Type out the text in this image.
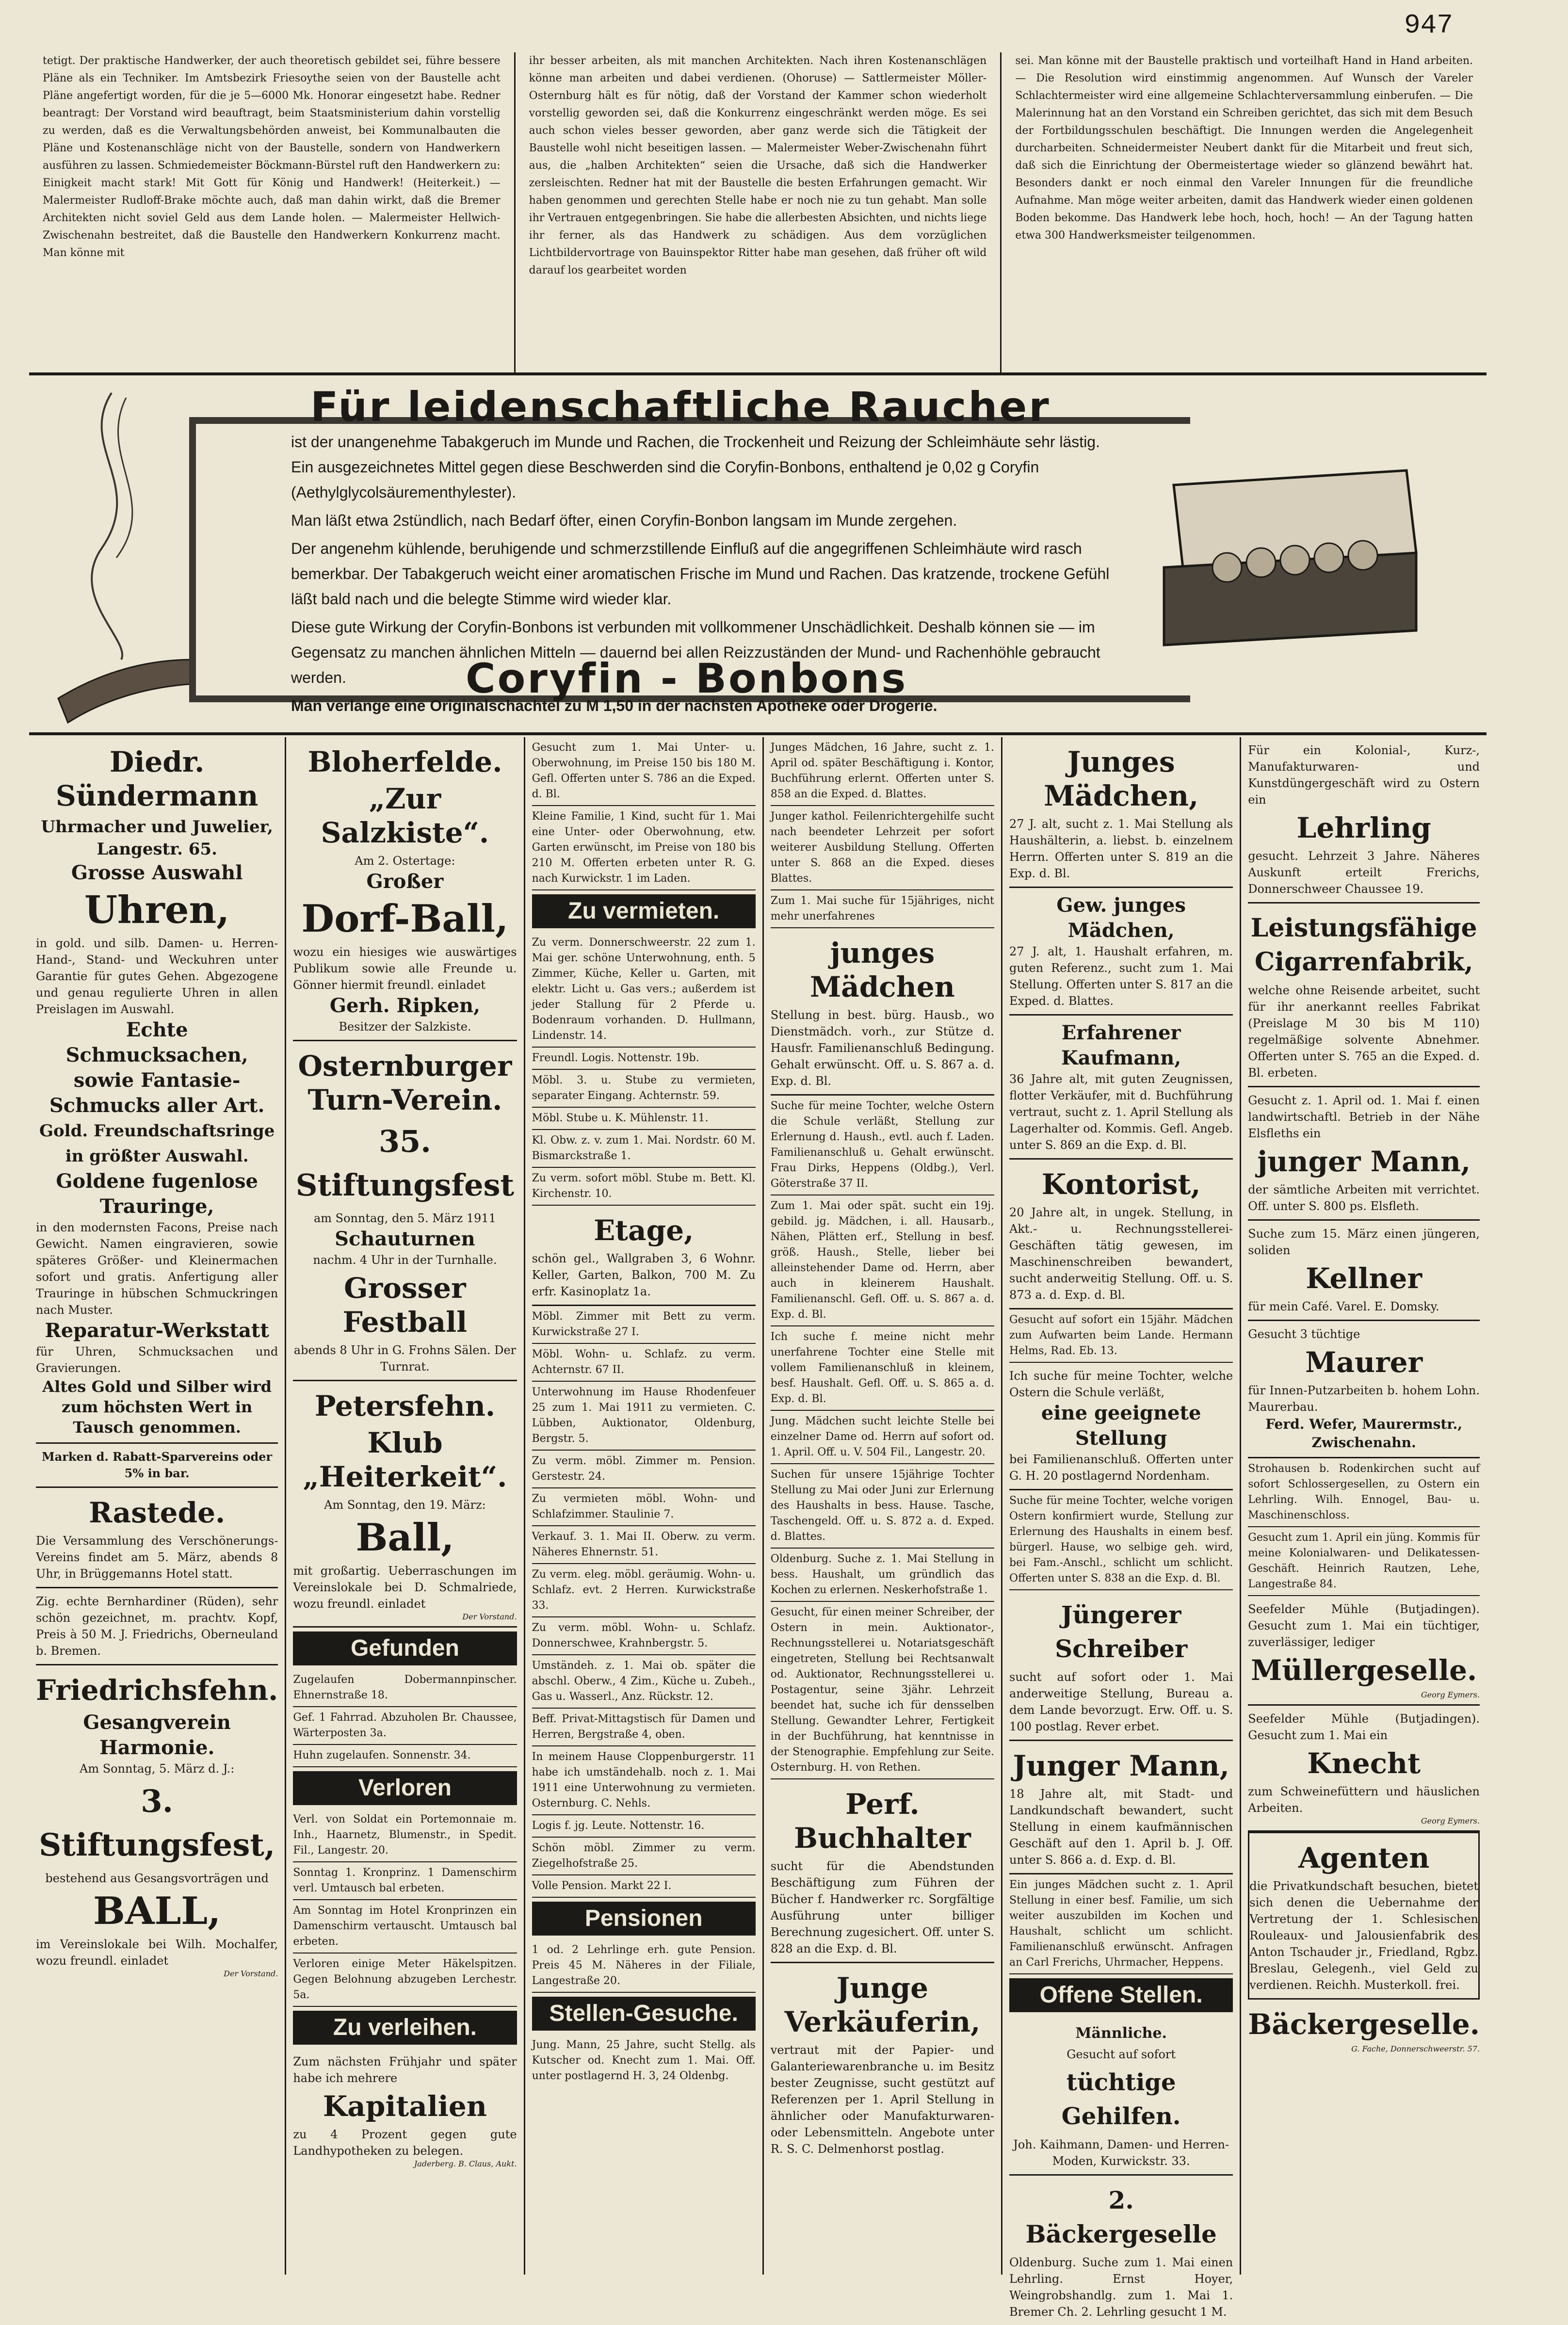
947
tetigt. Der praktische Handwerker, der auch theoretisch gebildet sei, führe bessere Pläne als ein Techniker. Im Amtsbezirk Friesoythe seien von der Baustelle acht Pläne angefertigt worden, für die je 5—6000 Mk. Honorar eingesetzt habe. Redner beantragt: Der Vorstand wird beauftragt, beim Staatsministerium dahin vorstellig zu werden, daß es die Verwaltungsbehörden anweist, bei Kommunalbauten die Pläne und Kostenanschläge nicht von der Baustelle, sondern von Handwerkern ausführen zu lassen. Schmiedemeister Böckmann-Bürstel ruft den Handwerkern zu: Einigkeit macht stark! Mit Gott für König und Handwerk! (Heiterkeit.) — Malermeister Rudloff-Brake möchte auch, daß man dahin wirkt, daß die Bremer Architekten nicht soviel Geld aus dem Lande holen. — Malermeister Hellwich-Zwischenahn bestreitet, daß die Baustelle den Handwerkern Konkurrenz macht. Man könne mit
ihr besser arbeiten, als mit manchen Architekten. Nach ihren Kostenanschlägen könne man arbeiten und dabei verdienen. (Ohoruse) — Sattlermeister Möller-Osternburg hält es für nötig, daß der Vorstand der Kammer schon wiederholt vorstellig geworden sei, daß die Konkurrenz eingeschränkt werden möge. Es sei auch schon vieles besser geworden, aber ganz werde sich die Tätigkeit der Baustelle wohl nicht beseitigen lassen. — Malermeister Weber-Zwischenahn führt aus, die „halben Architekten“ seien die Ursache, daß sich die Handwerker zersleischten. Redner hat mit der Baustelle die besten Erfahrungen gemacht. Wir haben genommen und gerechten Stelle habe er noch nie zu tun gehabt. Man solle ihr Vertrauen entgegenbringen. Sie habe die allerbesten Absichten, und nichts liege ihr ferner, als das Handwerk zu schädigen. Aus dem vorzüglichen Lichtbildervortrage von Bauinspektor Ritter habe man gesehen, daß früher oft wild darauf los gearbeitet worden
sei. Man könne mit der Baustelle praktisch und vorteilhaft Hand in Hand arbeiten. — Die Resolution wird einstimmig angenommen. Auf Wunsch der Vareler Schlachtermeister wird eine allgemeine Schlachterversammlung einberufen. — Die Malerinnung hat an den Vorstand ein Schreiben gerichtet, das sich mit dem Besuch der Fortbildungsschulen beschäftigt. Die Innungen werden die Angelegenheit durcharbeiten. Schneidermeister Neubert dankt für die Mitarbeit und freut sich, daß sich die Einrichtung der Obermeistertage wieder so glänzend bewährt hat. Besonders dankt er noch einmal den Vareler Innungen für die freundliche Aufnahme. Man möge weiter arbeiten, damit das Handwerk wieder einen goldenen Boden bekomme. Das Handwerk lebe hoch, hoch, hoch! — An der Tagung hatten etwa 300 Handwerksmeister teilgenommen.
Für leidenschaftliche Raucher

ist der unangenehme Tabakgeruch im Munde und Rachen, die Trockenheit und Reizung der Schleimhäute sehr lästig. Ein ausgezeichnetes Mittel gegen diese Beschwerden sind die Coryfin-Bonbons, enthaltend je 0,02 g Coryfin (Aethylglycolsäurementhylester).

Man läßt etwa 2stündlich, nach Bedarf öfter, einen Coryfin-Bonbon langsam im Munde zergehen.

Der angenehm kühlende, beruhigende und schmerzstillende Einfluß auf die angegriffenen Schleimhäute wird rasch bemerkbar. Der Tabakgeruch weicht einer aromatischen Frische im Mund und Rachen. Das kratzende, trockene Gefühl läßt bald nach und die belegte Stimme wird wieder klar.

Diese gute Wirkung der Coryfin-Bonbons ist verbunden mit vollkommener Unschädlichkeit. Deshalb können sie — im Gegensatz zu manchen ähnlichen Mitteln — dauernd bei allen Reizzuständen der Mund- und Rachenhöhle gebraucht werden.

Man verlange eine Originalschachtel zu M 1,50 in der nächsten Apotheke oder Drogerie.

Coryfin - Bonbons
Diedr. Sündermann
Uhrmacher und Juwelier, Langestr. 65.
Grosse Auswahl
Uhren,
in gold. und silb. Damen- u. Herren- Hand-, Stand- und Weckuhren unter Garantie für gutes Gehen. Abgezogene und genau regulierte Uhren in allen Preislagen im Auswahl.
Echte Schmucksachen, sowie Fantasie-Schmucks aller Art.
Gold. Freundschaftsringe in größter Auswahl.
Goldene fugenlose Trauringe,
in den modernsten Facons, Preise nach Gewicht. Namen eingravieren, sowie späteres Größer- und Kleinermachen sofort und gratis. Anfertigung aller Trauringe in hübschen Schmuckringen nach Muster.
Reparatur-Werkstatt
für Uhren, Schmucksachen und Gravierungen.
Altes Gold und Silber wird zum höchsten Wert in Tausch genommen.
Marken d. Rabatt-Sparvereins oder 5% in bar.
Rastede.
Die Versammlung des Verschönerungs-Vereins findet am 5. März, abends 8 Uhr, in Brüggemanns Hotel statt.
Zig. echte Bernhardiner (Rüden), sehr schön gezeichnet, m. prachtv. Kopf, Preis à 50 M. J. Friedrichs, Oberneuland b. Bremen.
Friedrichsfehn.
Gesangverein Harmonie.
Am Sonntag, 5. März d. J.:
3. Stiftungsfest,
bestehend aus Gesangsvorträgen und
BALL,
im Vereinslokale bei Wilh. Mochalfer, wozu freundl. einladet
Der Vorstand.
Bloherfelde.
„Zur Salzkiste“.
Am 2. Ostertage:
Großer
Dorf-Ball,
wozu ein hiesiges wie auswärtiges Publikum sowie alle Freunde u. Gönner hiermit freundl. einladet
Gerh. Ripken,
Besitzer der Salzkiste.
Osternburger Turn-Verein.
35. Stiftungsfest
am Sonntag, den 5. März 1911
Schauturnen
nachm. 4 Uhr in der Turnhalle.
Grosser Festball
abends 8 Uhr in G. Frohns Sälen. Der Turnrat.
Petersfehn.
Klub „Heiterkeit“.
Am Sonntag, den 19. März:
Ball,
mit großartig. Ueberraschungen im Vereinslokale bei D. Schmalriede, wozu freundl. einladet
Der Vorstand.
Gefunden
Zugelaufen Dobermannpinscher. Ehnernstraße 18.
Gef. 1 Fahrrad. Abzuholen Br. Chaussee, Wärterposten 3a.
Huhn zugelaufen. Sonnenstr. 34.
Verloren
Verl. von Soldat ein Portemonnaie m. Inh., Haarnetz, Blumenstr., in Spedit. Fil., Langestr. 20.
Sonntag 1. Kronprinz. 1 Damenschirm verl. Umtausch bal erbeten.
Am Sonntag im Hotel Kronprinzen ein Damenschirm vertauscht. Umtausch bal erbeten.
Verloren einige Meter Häkelspitzen. Gegen Belohnung abzugeben Lerchestr. 5a.
Zu verleihen.
Zum nächsten Frühjahr und später habe ich mehrere
Kapitalien
zu 4 Prozent gegen gute Landhypotheken zu belegen.
Jaderberg. B. Claus, Aukt.
Gesucht zum 1. Mai Unter- u. Oberwohnung, im Preise 150 bis 180 M. Gefl. Offerten unter S. 786 an die Exped. d. Bl.
Kleine Familie, 1 Kind, sucht für 1. Mai eine Unter- oder Oberwohnung, etw. Garten erwünscht, im Preise von 180 bis 210 M. Offerten erbeten unter R. G. nach Kurwickstr. 1 im Laden.
Zu vermieten.
Zu verm. Donnerschweerstr. 22 zum 1. Mai ger. schöne Unterwohnung, enth. 5 Zimmer, Küche, Keller u. Garten, mit elektr. Licht u. Gas vers.; außerdem ist jeder Stallung für 2 Pferde u. Bodenraum vorhanden. D. Hullmann, Lindenstr. 14.
Freundl. Logis. Nottenstr. 19b.
Möbl. 3. u. Stube zu vermieten, separater Eingang. Achternstr. 59.
Möbl. Stube u. K. Mühlenstr. 11.
Kl. Obw. z. v. zum 1. Mai. Nordstr. 60 M. Bismarckstraße 1.
Zu verm. sofort möbl. Stube m. Bett. Kl. Kirchenstr. 10.
Etage,
schön gel., Wallgraben 3, 6 Wohnr. Keller, Garten, Balkon, 700 M. Zu erfr. Kasinoplatz 1a.
Möbl. Zimmer mit Bett zu verm. Kurwickstraße 27 I.
Möbl. Wohn- u. Schlafz. zu verm. Achternstr. 67 II.
Unterwohnung im Hause Rhodenfeuer 25 zum 1. Mai 1911 zu vermieten. C. Lübben, Auktionator, Oldenburg, Bergstr. 5.
Zu verm. möbl. Zimmer m. Pension. Gerstestr. 24.
Zu vermieten möbl. Wohn- und Schlafzimmer. Staulinie 7.
Verkauf. 3. 1. Mai II. Oberw. zu verm. Näheres Ehnernstr. 51.
Zu verm. eleg. möbl. geräumig. Wohn- u. Schlafz. evt. 2 Herren. Kurwickstraße 33.
Zu verm. möbl. Wohn- u. Schlafz. Donnerschwee, Krahnbergstr. 5.
Umständeh. z. 1. Mai ob. später die abschl. Oberw., 4 Zim., Küche u. Zubeh., Gas u. Wasserl., Anz. Rückstr. 12.
Beff. Privat-Mittagstisch für Damen und Herren, Bergstraße 4, oben.
In meinem Hause Cloppenburgerstr. 11 habe ich umständehalb. noch z. 1. Mai 1911 eine Unterwohnung zu vermieten. Osternburg. C. Nehls.
Logis f. jg. Leute. Nottenstr. 16.
Schön möbl. Zimmer zu verm. Ziegelhofstraße 25.
Volle Pension. Markt 22 I.
Pensionen
1 od. 2 Lehrlinge erh. gute Pension. Preis 45 M. Näheres in der Filiale, Langestraße 20.
Stellen-Gesuche.
Jung. Mann, 25 Jahre, sucht Stellg. als Kutscher od. Knecht zum 1. Mai. Off. unter postlagernd H. 3, 24 Oldenbg.
Junges Mädchen, 16 Jahre, sucht z. 1. April od. später Beschäftigung i. Kontor, Buchführung erlernt. Offerten unter S. 858 an die Exped. d. Blattes.
Junger kathol. Feilenrichtergehilfe sucht nach beendeter Lehrzeit per sofort weiterer Ausbildung Stellung. Offerten unter S. 868 an die Exped. dieses Blattes.
Zum 1. Mai suche für 15jähriges, nicht mehr unerfahrenes
junges Mädchen
Stellung in best. bürg. Hausb., wo Dienstmädch. vorh., zur Stütze d. Hausfr. Familienanschluß Bedingung. Gehalt erwünscht. Off. u. S. 867 a. d. Exp. d. Bl.
Suche für meine Tochter, welche Ostern die Schule verläßt, Stellung zur Erlernung d. Haush., evtl. auch f. Laden. Familienanschluß u. Gehalt erwünscht. Frau Dirks, Heppens (Oldbg.), Verl. Göterstraße 37 II.
Zum 1. Mai oder spät. sucht ein 19j. gebild. jg. Mädchen, i. all. Hausarb., Nähen, Plätten erf., Stellung in besf. größ. Haush., Stelle, lieber bei alleinstehender Dame od. Herrn, aber auch in kleinerem Haushalt. Familienanschl. Gefl. Off. u. S. 867 a. d. Exp. d. Bl.
Ich suche f. meine nicht mehr unerfahrene Tochter eine Stelle mit vollem Familienanschluß in kleinem, besf. Haushalt. Gefl. Off. u. S. 865 a. d. Exp. d. Bl.
Jung. Mädchen sucht leichte Stelle bei einzelner Dame od. Herrn auf sofort od. 1. April. Off. u. V. 504 Fil., Langestr. 20.
Suchen für unsere 15jährige Tochter Stellung zu Mai oder Juni zur Erlernung des Haushalts in bess. Hause. Tasche, Taschengeld. Off. u. S. 872 a. d. Exped. d. Blattes.
Oldenburg. Suche z. 1. Mai Stellung in bess. Haushalt, um gründlich das Kochen zu erlernen. Neskerhofstraße 1.
Gesucht, für einen meiner Schreiber, der Ostern in mein. Auktionator-, Rechnungsstellerei u. Notariatsgeschäft eingetreten, Stellung bei Rechtsanwalt od. Auktionator, Rechnungsstellerei u. Postagentur, seine 3jähr. Lehrzeit beendet hat, suche ich für densselben Stellung. Gewandter Lehrer, Fertigkeit in der Buchführung, hat kenntnisse in der Stenographie. Empfehlung zur Seite. Osternburg. H. von Rethen.
Perf. Buchhalter
sucht für die Abendstunden Beschäftigung zum Führen der Bücher f. Handwerker rc. Sorgfältige Ausführung unter billiger Berechnung zugesichert. Off. unter S. 828 an die Exp. d. Bl.
Junge Verkäuferin,
vertraut mit der Papier- und Galanteriewarenbranche u. im Besitz bester Zeugnisse, sucht gestützt auf Referenzen per 1. April Stellung in ähnlicher oder Manufakturwaren- oder Lebensmitteln. Angebote unter R. S. C. Delmenhorst postlag.
Junges Mädchen,
27 J. alt, sucht z. 1. Mai Stellung als Haushälterin, a. liebst. b. einzelnem Herrn. Offerten unter S. 819 an die Exp. d. Bl.
Gew. junges Mädchen,
27 J. alt, 1. Haushalt erfahren, m. guten Referenz., sucht zum 1. Mai Stellung. Offerten unter S. 817 an die Exped. d. Blattes.
Erfahrener Kaufmann,
36 Jahre alt, mit guten Zeugnissen, flotter Verkäufer, mit d. Buchführung vertraut, sucht z. 1. April Stellung als Lagerhalter od. Kommis. Gefl. Angeb. unter S. 869 an die Exp. d. Bl.
Kontorist,
20 Jahre alt, in ungek. Stellung, in Akt.- u. Rechnungsstellerei-Geschäften tätig gewesen, im Maschinenschreiben bewandert, sucht anderweitig Stellung. Off. u. S. 873 a. d. Exp. d. Bl.
Gesucht auf sofort ein 15jähr. Mädchen zum Aufwarten beim Lande. Hermann Helms, Rad. Eb. 13.
Ich suche für meine Tochter, welche Ostern die Schule verläßt,
eine geeignete Stellung
bei Familienanschluß. Offerten unter G. H. 20 postlagernd Nordenham.
Suche für meine Tochter, welche vorigen Ostern konfirmiert wurde, Stellung zur Erlernung des Haushalts in einem besf. bürgerl. Hause, wo selbige geh. wird, bei Fam.-Anschl., schlicht um schlicht. Offerten unter S. 838 an die Exp. d. Bl.
Jüngerer Schreiber
sucht auf sofort oder 1. Mai anderweitige Stellung, Bureau a. dem Lande bevorzugt. Erw. Off. u. S. 100 postlag. Rever erbet.
Junger Mann,
18 Jahre alt, mit Stadt- und Landkundschaft bewandert, sucht Stellung in einem kaufmännischen Geschäft auf den 1. April b. J. Off. unter S. 866 a. d. Exp. d. Bl.
Ein junges Mädchen sucht z. 1. April Stellung in einer besf. Familie, um sich weiter auszubilden im Kochen und Haushalt, schlicht um schlicht. Familienanschluß erwünscht. Anfragen an Carl Frerichs, Uhrmacher, Heppens.
Offene Stellen.
Männliche.
Gesucht auf sofort
tüchtige Gehilfen.
Joh. Kaihmann, Damen- und Herren-Moden, Kurwickstr. 33.
2. Bäckergeselle
Oldenburg. Suche zum 1. Mai einen Lehrling. Ernst Hoyer, Weingrobshandlg. zum 1. Mai 1. Bremer Ch. 2. Lehrling gesucht 1 M.
Für ein Kolonial-, Kurz-, Manufakturwaren- und Kunstdüngergeschäft wird zu Ostern ein
Lehrling
gesucht. Lehrzeit 3 Jahre. Näheres Auskunft erteilt Frerichs, Donnerschweer Chaussee 19.
Leistungsfähige Cigarrenfabrik,
welche ohne Reisende arbeitet, sucht für ihr anerkannt reelles Fabrikat (Preislage M 30 bis M 110) regelmäßige solvente Abnehmer. Offerten unter S. 765 an die Exped. d. Bl. erbeten.
Gesucht z. 1. April od. 1. Mai f. einen landwirtschaftl. Betrieb in der Nähe Elsfleths ein
junger Mann,
der sämtliche Arbeiten mit verrichtet. Off. unter S. 800 ps. Elsfleth.
Suche zum 15. März einen jüngeren, soliden
Kellner
für mein Café. Varel. E. Domsky.
Gesucht 3 tüchtige
Maurer
für Innen-Putzarbeiten b. hohem Lohn. Maurerbau.
Ferd. Wefer, Maurermstr., Zwischenahn.
Strohausen b. Rodenkirchen sucht auf sofort Schlossergesellen, zu Ostern ein Lehrling. Wilh. Ennogel, Bau- u. Maschinenschloss.
Gesucht zum 1. April ein jüng. Kommis für meine Kolonialwaren- und Delikatessen-Geschäft. Heinrich Rautzen, Lehe, Langestraße 84.
Seefelder Mühle (Butjadingen). Gesucht zum 1. Mai ein tüchtiger, zuverlässiger, lediger
Müllergeselle.
Georg Eymers.
Seefelder Mühle (Butjadingen). Gesucht zum 1. Mai ein
Knecht
zum Schweinefüttern und häuslichen Arbeiten.
Georg Eymers.
Agenten
die Privatkundschaft besuchen, bietet sich denen die Uebernahme der Vertretung der 1. Schlesischen Rouleaux- und Jalousienfabrik des Anton Tschauder jr., Friedland, Rgbz. Breslau, Gelegenh., viel Geld zu verdienen. Reichh. Musterkoll. frei.
Bäckergeselle.
G. Fache, Donnerschweerstr. 57.
